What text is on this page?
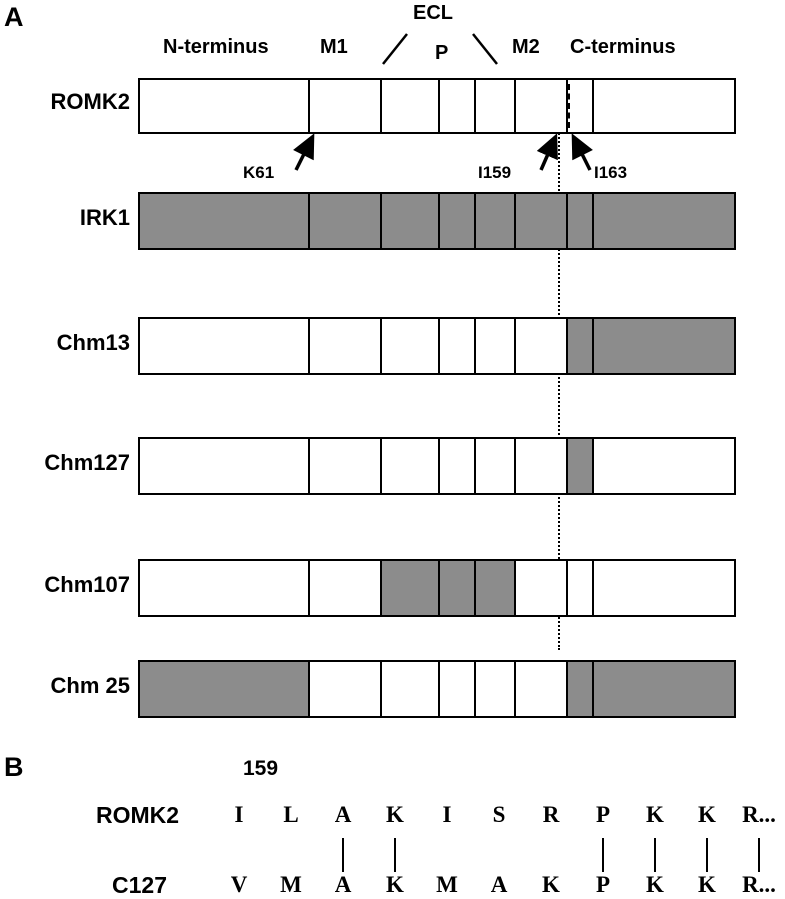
A	ECL
N-terminus	M1	P	M2 C-terminus
ROMK2
K61	I159	I163
IRK1
Chm13
Chm127
Chm107
Chm 25
B	159
ROMK2	I	L	A	K	I	S	R	P	K	K	R...
C127	V	M	A	K	M	A	K	P	K	K	R...
